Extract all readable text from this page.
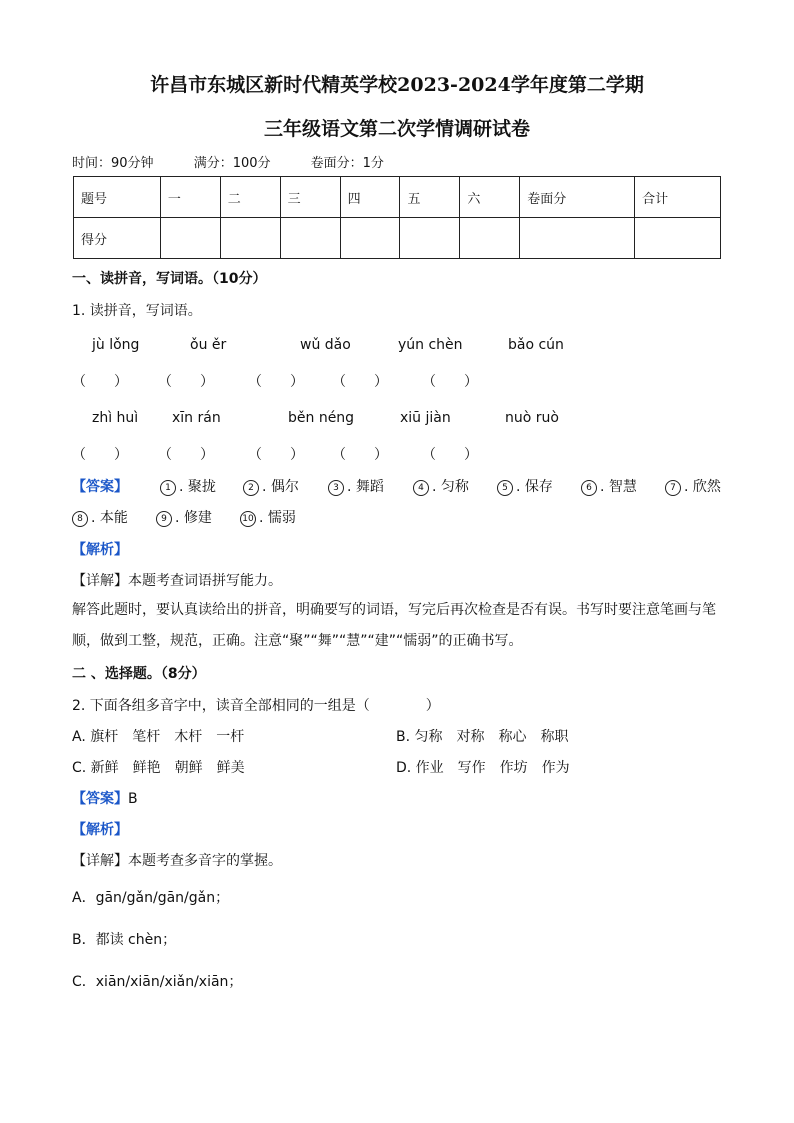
许昌市东城区新时代精英学校2023-2024学年度第二学期
三年级语文第二次学情调研试卷
时间：90分钟	满分：100分	卷面分：1分
题号	一	二	三	四	五	六	卷面分	合计
得分								
一、读拼音，写词语。（10分）
1. 读拼音，写词语。
jù lǒng	ǒu ěr	wǔ dǎo	yún chèn	bǎo cún
（　　） （　　） （　　） （　　） （　　）
zhì huì xīn rán	běn néng	xiū jiàn	nuò ruò
（　　） （　　） （　　） （　　） （　　）
【答案】	1 . 聚拢	2 . 偶尔	3 . 舞蹈	4 . 匀称	5 . 保存	6 . 智慧	7 . 欣然
8 . 本能	9 . 修建	10 . 懦弱
【解析】
【详解】本题考查词语拼写能力。
解答此题时，要认真读给出的拼音，明确要写的词语，写完后再次检查是否有误。书写时要注意笔画与笔顺，做到工整，规范，正确。注意“聚”“舞”“慧”“建”“懦弱”的正确书写。
二 、选择题。（8分）
2. 下面各组多音字中，读音全部相同的一组是（　　　　）
A. 旗杆　笔杆　木杆　一杆	B. 匀称　对称　称心　称职
C. 新鲜　鲜艳　朝鲜　鲜美	D. 作业　写作　作坊　作为
【答案】B
【解析】
【详解】本题考查多音字的掌握。
A．gān/gǎn/gān/gǎn；
B．都读 chèn；
C．xiān/xiān/xiǎn/xiān；
